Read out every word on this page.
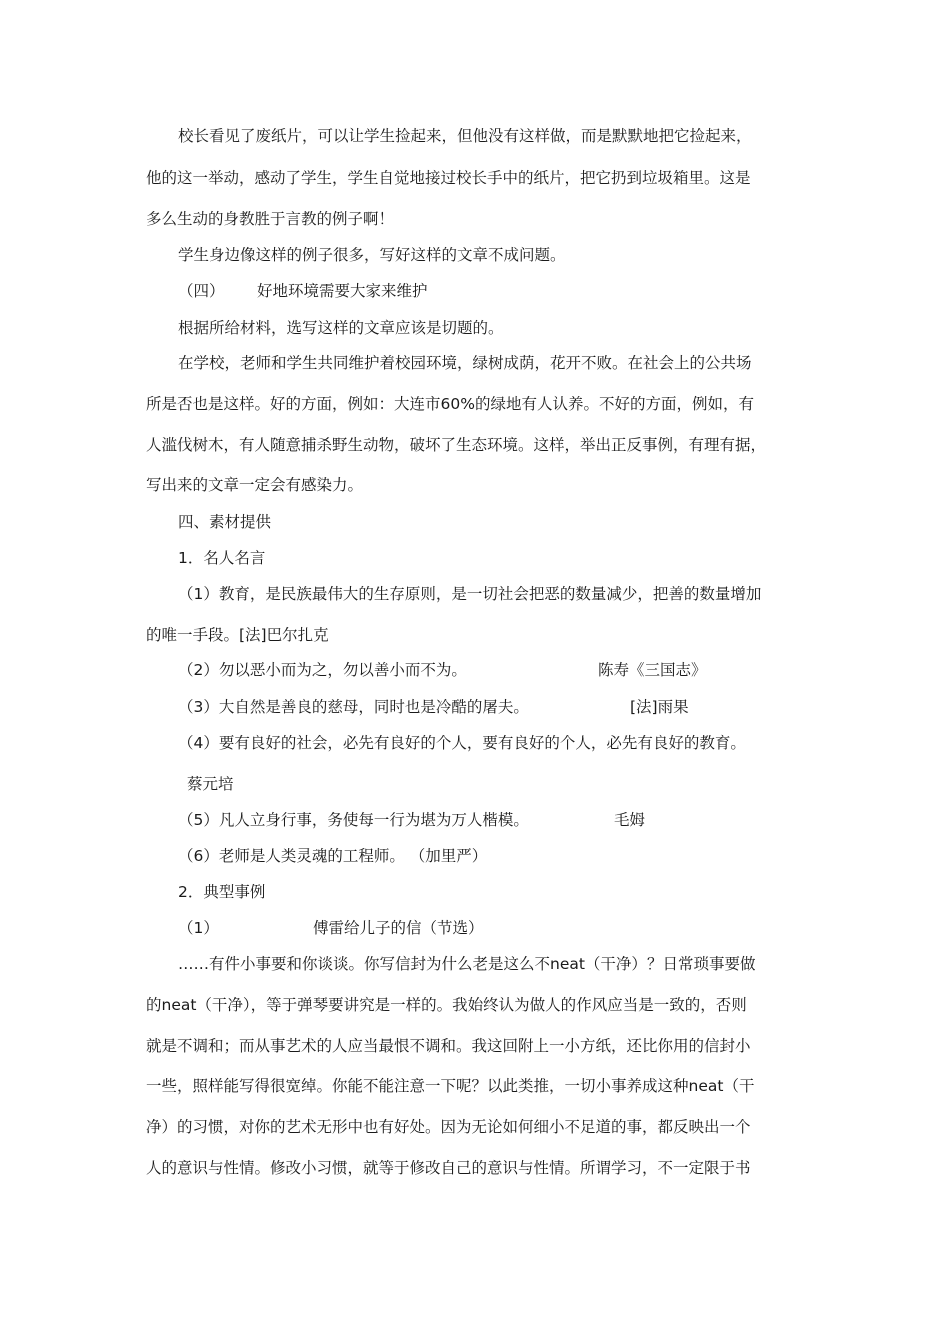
校长看见了废纸片，可以让学生捡起来，但他没有这样做，而是默默地把它捡起来，
他的这一举动，感动了学生，学生自觉地接过校长手中的纸片，把它扔到垃圾箱里。这是
多么生动的身教胜于言教的例子啊！
学生身边像这样的例子很多，写好这样的文章不成问题。
（四） 好地环境需要大家来维护
根据所给材料，选写这样的文章应该是切题的。
在学校，老师和学生共同维护着校园环境，绿树成荫，花开不败。在社会上的公共场
所是否也是这样。好的方面，例如：大连市60%的绿地有人认养。不好的方面，例如，有
人滥伐树木，有人随意捕杀野生动物，破坏了生态环境。这样，举出正反事例，有理有据，
写出来的文章一定会有感染力。
四、素材提供
1．名人名言
（1）教育，是民族最伟大的生存原则，是一切社会把恶的数量减少，把善的数量增加
的唯一手段。[法]巴尔扎克
（2）勿以恶小而为之，勿以善小而不为。	陈寿《三国志》
（3）大自然是善良的慈母，同时也是冷酷的屠夫。	[法]雨果
（4）要有良好的社会，必先有良好的个人，要有良好的个人，必先有良好的教育。
蔡元培
（5）凡人立身行事，务使每一行为堪为万人楷模。	毛姆
（6）老师是人类灵魂的工程师。 （加里严）
2．典型事例
（1）	傅雷给儿子的信（节选）
……有件小事要和你谈谈。你写信封为什么老是这么不neat（干净）？日常琐事要做
的neat（干净），等于弹琴要讲究是一样的。我始终认为做人的作风应当是一致的，否则
就是不调和；而从事艺术的人应当最恨不调和。我这回附上一小方纸，还比你用的信封小
一些，照样能写得很宽绰。你能不能注意一下呢？以此类推，一切小事养成这种neat（干
净）的习惯，对你的艺术无形中也有好处。因为无论如何细小不足道的事，都反映出一个
人的意识与性情。修改小习惯，就等于修改自己的意识与性情。所谓学习，不一定限于书
